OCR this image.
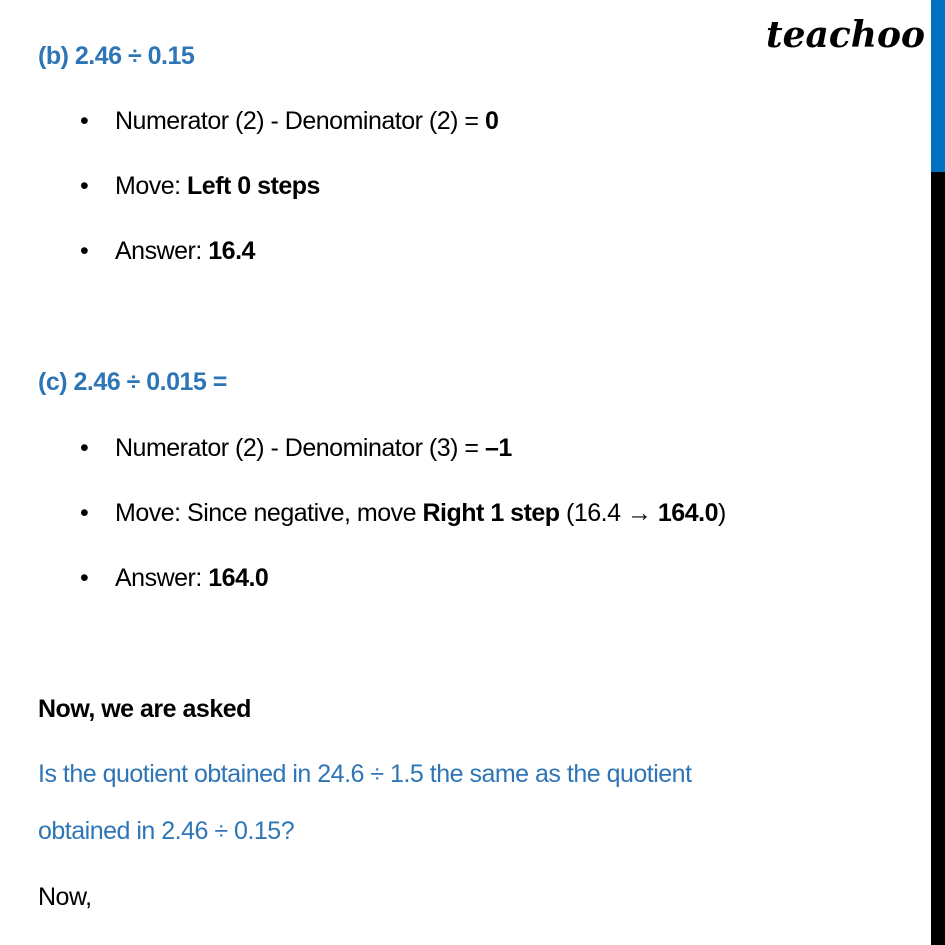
teachoo
(b) 2.46 ÷ 0.15
• Numerator (2) - Denominator (2) = 0
• Move: Left 0 steps
• Answer: 16.4
(c) 2.46 ÷ 0.015 =
• Numerator (2) - Denominator (3) = –1
• Move: Since negative, move Right 1 step (16.4 → 164.0)
• Answer: 164.0
Now, we are asked
Is the quotient obtained in 24.6 ÷ 1.5 the same as the quotient
obtained in 2.46 ÷ 0.15?
Now,
